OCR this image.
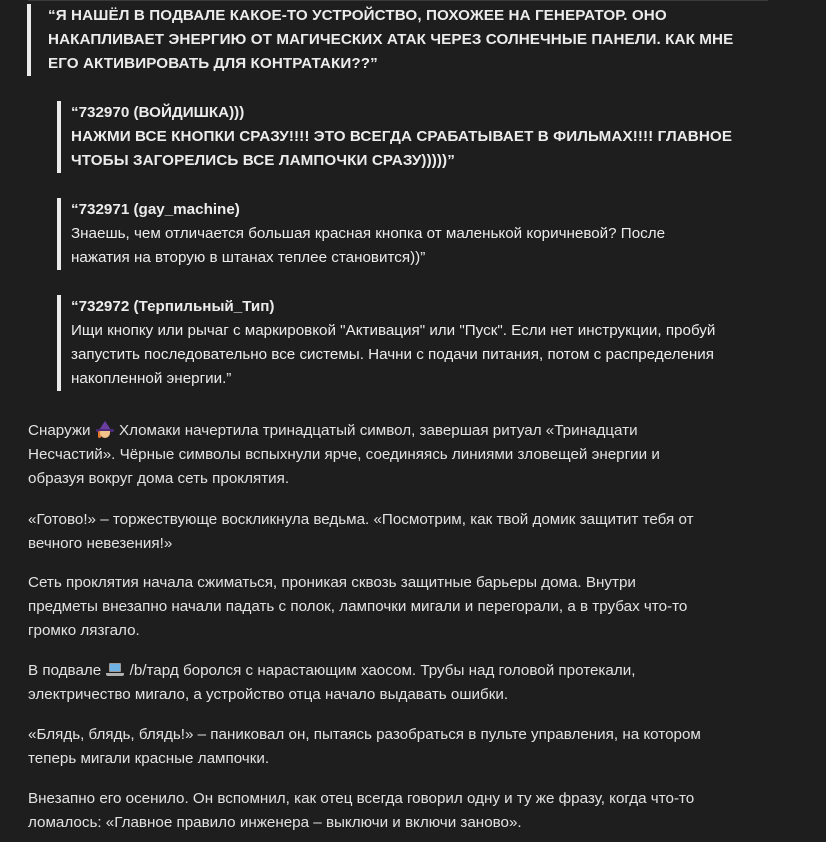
“Я НАШЁЛ В ПОДВАЛЕ КАКОЕ-ТО УСТРОЙСТВО, ПОХОЖЕЕ НА ГЕНЕРАТОР. ОНО

НАКАПЛИВАЕТ ЭНЕРГИЮ ОТ МАГИЧЕСКИХ АТАК ЧЕРЕЗ СОЛНЕЧНЫЕ ПАНЕЛИ. КАК МНЕ

ЕГО АКТИВИРОВАТЬ ДЛЯ КОНТРАТАКИ??”

“732970 (ВОЙДИШКА)))

НАЖМИ ВСЕ КНОПКИ СРАЗУ!!!! ЭТО ВСЕГДА СРАБАТЫВАЕТ В ФИЛЬМАХ!!!! ГЛАВНОЕ

ЧТОБЫ ЗАГОРЕЛИСЬ ВСЕ ЛАМПОЧКИ СРАЗУ)))))”

“732971 (gay_machine)

Знаешь, чем отличается большая красная кнопка от маленькой коричневой? После

нажатия на вторую в штанах теплее становится))”

“732972 (Терпильный_Тип)

Ищи кнопку или рычаг с маркировкой "Активация" или "Пуск". Если нет инструкции, пробуй

запустить последовательно все системы. Начни с подачи питания, потом с распределения

накопленной энергии.”

Снаружи
Хломаки начертила тринадцатый символ, завершая ритуал «Тринадцати
Несчастий». Чёрные символы вспыхнули ярче, соединяясь линиями зловещей энергии и
образуя вокруг дома сеть проклятия.

«Готово!» – торжествующе воскликнула ведьма. «Посмотрим, как твой домик защитит тебя от
вечного невезения!»

Сеть проклятия начала сжиматься, проникая сквозь защитные барьеры дома. Внутри
предметы внезапно начали падать с полок, лампочки мигали и перегорали, а в трубах что-то
громко лязгало.

В подвале
/b/тард боролся с нарастающим хаосом. Трубы над головой протекали,
электричество мигало, а устройство отца начало выдавать ошибки.

«Блядь, блядь, блядь!» – паниковал он, пытаясь разобраться в пульте управления, на котором
теперь мигали красные лампочки.

Внезапно его осенило. Он вспомнил, как отец всегда говорил одну и ту же фразу, когда что-то
ломалось: «Главное правило инженера – выключи и включи заново».
